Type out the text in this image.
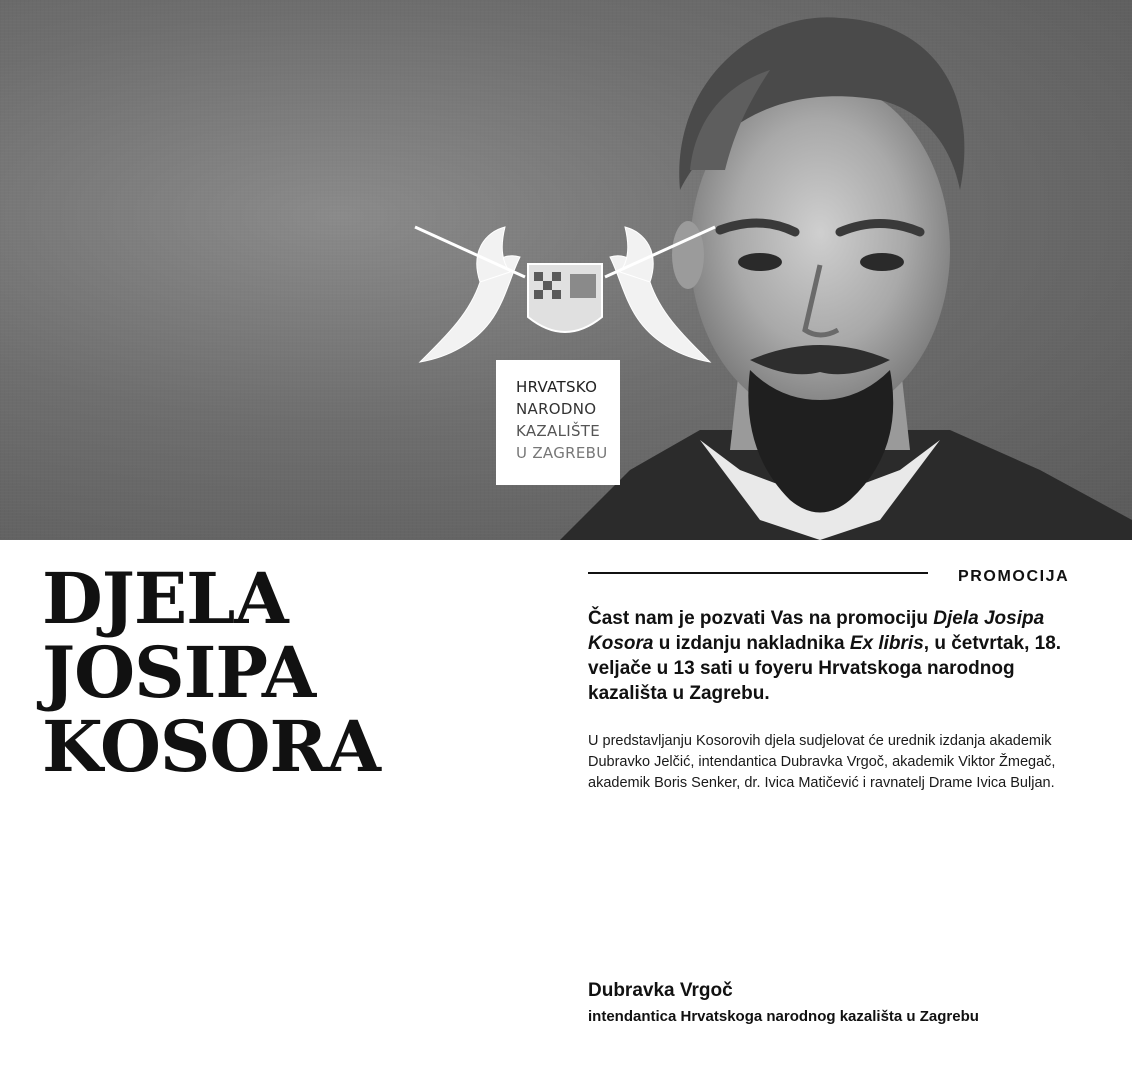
HRVATSKO
NARODNO
KAZALIŠTE
U ZAGREBU
DJELA
JOSIPA
KOSORA
PROMOCIJA

Čast nam je pozvati Vas na promociju Djela Josipa Kosora u izdanju nakladnika Ex libris, u četvrtak, 18. veljače u 13 sati u foyeru Hrvatskoga narodnog kazališta u Zagrebu.

U predstavljanju Kosorovih djela sudjelovat će urednik izdanja akademik Dubravko Jelčić, intendantica Dubravka Vrgoč, akademik Viktor Žmegač, akademik Boris Senker, dr. Ivica Matičević i ravnatelj Drame Ivica Buljan.

Dubravka Vrgoč

intendantica Hrvatskoga narodnog kazališta u Zagrebu
